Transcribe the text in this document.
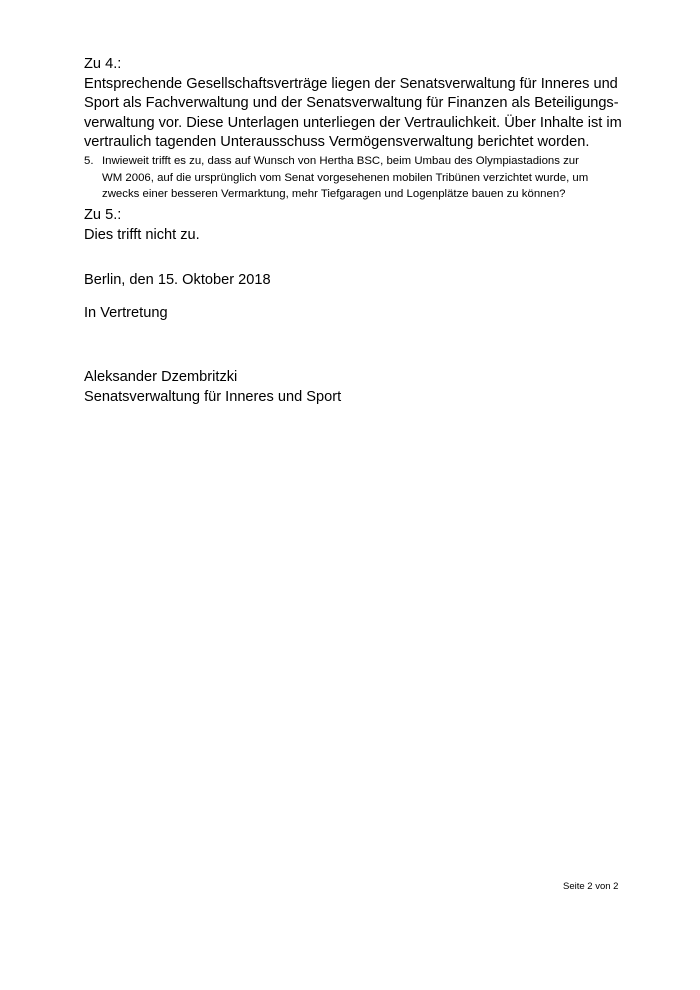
Zu 4.:
Entsprechende Gesellschaftsverträge liegen der Senatsverwaltung für Inneres und
Sport als Fachverwaltung und der Senatsverwaltung für Finanzen als Beteiligungs-
verwaltung vor. Diese Unterlagen unterliegen der Vertraulichkeit. Über Inhalte ist im
vertraulich tagenden Unterausschuss Vermögensverwaltung berichtet worden.
5. Inwieweit trifft es zu, dass auf Wunsch von Hertha BSC, beim Umbau des Olympiastadions zur
WM 2006, auf die ursprünglich vom Senat vorgesehenen mobilen Tribünen verzichtet wurde, um
zwecks einer besseren Vermarktung, mehr Tiefgaragen und Logenplätze bauen zu können?
Zu 5.:
Dies trifft nicht zu.
Berlin, den 15. Oktober 2018
In Vertretung
Aleksander Dzembritzki
Senatsverwaltung für Inneres und Sport
Seite 2 von 2
